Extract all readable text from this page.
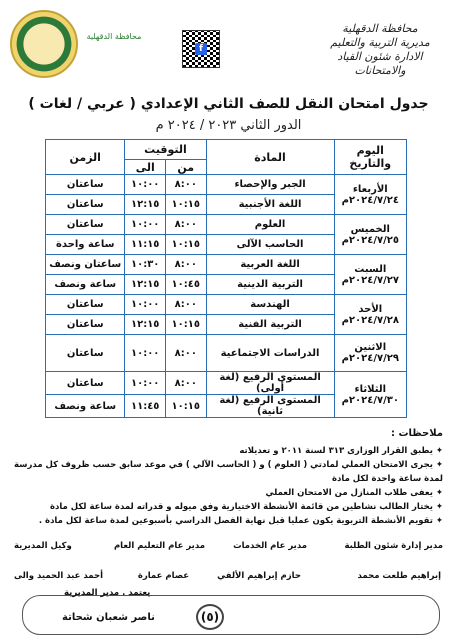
محافظة الدقهلية
f
محافظة الدقهلية
مديرية التربية والتعليم
الادارة شئون القياد والامتحانات
جدول امتحان النقل للصف الثاني الإعدادي ( عربي / لغات )
الدور الثاني ٢٠٢٣ / ٢٠٢٤ م
اليوم والتاريخ	المادة	التوقيت		الزمن
		من	الى	

الأربعاء
٢٠٢٤/٧/٢٤م	الجبر والإحصاء	٨:٠٠	١٠:٠٠	ساعتان
	اللغة الأجنبية	١٠:١٥	١٢:١٥	ساعتان

الخميس
٢٠٢٤/٧/٢٥م	العلوم	٨:٠٠	١٠:٠٠	ساعتان
	الحاسب الآلى	١٠:١٥	١١:١٥	ساعة واحدة

السبت
٢٠٢٤/٧/٢٧م	اللغة العربية	٨:٠٠	١٠:٣٠	ساعتان ونصف
	التربية الدينية	١٠:٤٥	١٢:١٥	ساعة ونصف

الأحد
٢٠٢٤/٧/٢٨م	الهندسة	٨:٠٠	١٠:٠٠	ساعتان
	التربية الفنية	١٠:١٥	١٢:١٥	ساعتان

الاثنين
٢٠٢٤/٧/٢٩م	الدراسات الاجتماعية	٨:٠٠	١٠:٠٠	ساعتان

الثلاثاء
٢٠٢٤/٧/٣٠م	المستوى الرفيع (لغة أولى)	٨:٠٠	١٠:٠٠	ساعتان
	المستوى الرفيع (لغة ثانية)	١٠:١٥	١١:٤٥	ساعة ونصف
ملاحظات :
✦ يطبق القرار الوزارى ٣١٣ لسنة ٢٠١١ و تعديلاته
✦ يجرى الامتحان العملي لمادتي ( العلوم ) و ( الحاسب الآلي ) في موعد سابق حسب ظروف كل مدرسة لمدة ساعة واحدة لكل مادة
✦ يعفى طلاب المنازل من الامتحان العملي
✦ يختار الطالب نشاطين من قائمة الأنشطة الاختيارية وفق ميوله و قدراته لمدة ساعة لكل مادة
✦ تقويم الأنشطة التربوية يكون عمليا قبل نهاية الفصل الدراسي بأسبوعين لمدة ساعة لكل مادة .
مدير إدارة شئون الطلبة
مدير عام الخدمات
مدير عام التعليم العام
وكيل المديرية
إبراهيم طلعت محمد
حازم إبراهيم الألفي
عصام عمارة
أحمد عبد الحميد والى
يعتمد . مدير المديرية
ناصر شعبان شحاتة	(٥)
